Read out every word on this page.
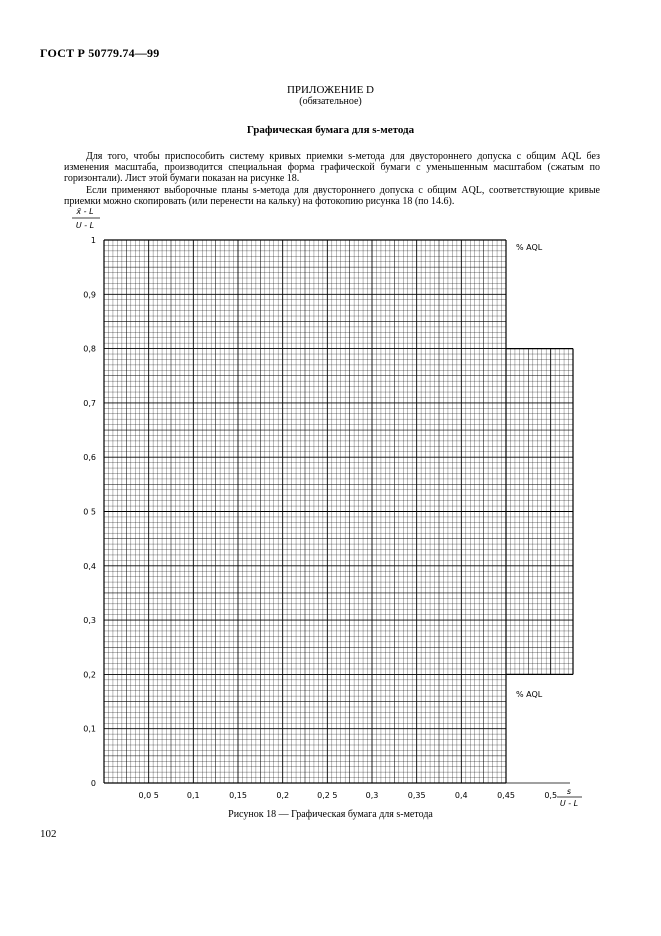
ГОСТ Р 50779.74—99
ПРИЛОЖЕНИЕ D
(обязательное)
Графическая бумага для s-метода
Для того, чтобы приспособить систему кривых приемки s-метода для двустороннего допуска с общим AQL без изменения масштаба, производится специальная форма графической бумаги с уменьшенным масштабом (сжатым по горизонтали). Лист этой бумаги показан на рисунке 18.
Если применяют выборочные планы s-метода для двустороннего допуска с общим AQL, соответствующие кривые приемки можно скопировать (или перенести на кальку) на фотокопию рисунка 18 (по 14.6).
x̄ - L
U - L
s
U - L
0
0,1
0,2
0,3
0,4
0 5
0,6
0,7
0,8
0,9
1
0,0 5	0,1	0,15	0,2	0,2 5	0,3	0,35	0,4	0,45	0,5
% AQL
% AQL
Рисунок 18 — Графическая бумага для s-метода
102
